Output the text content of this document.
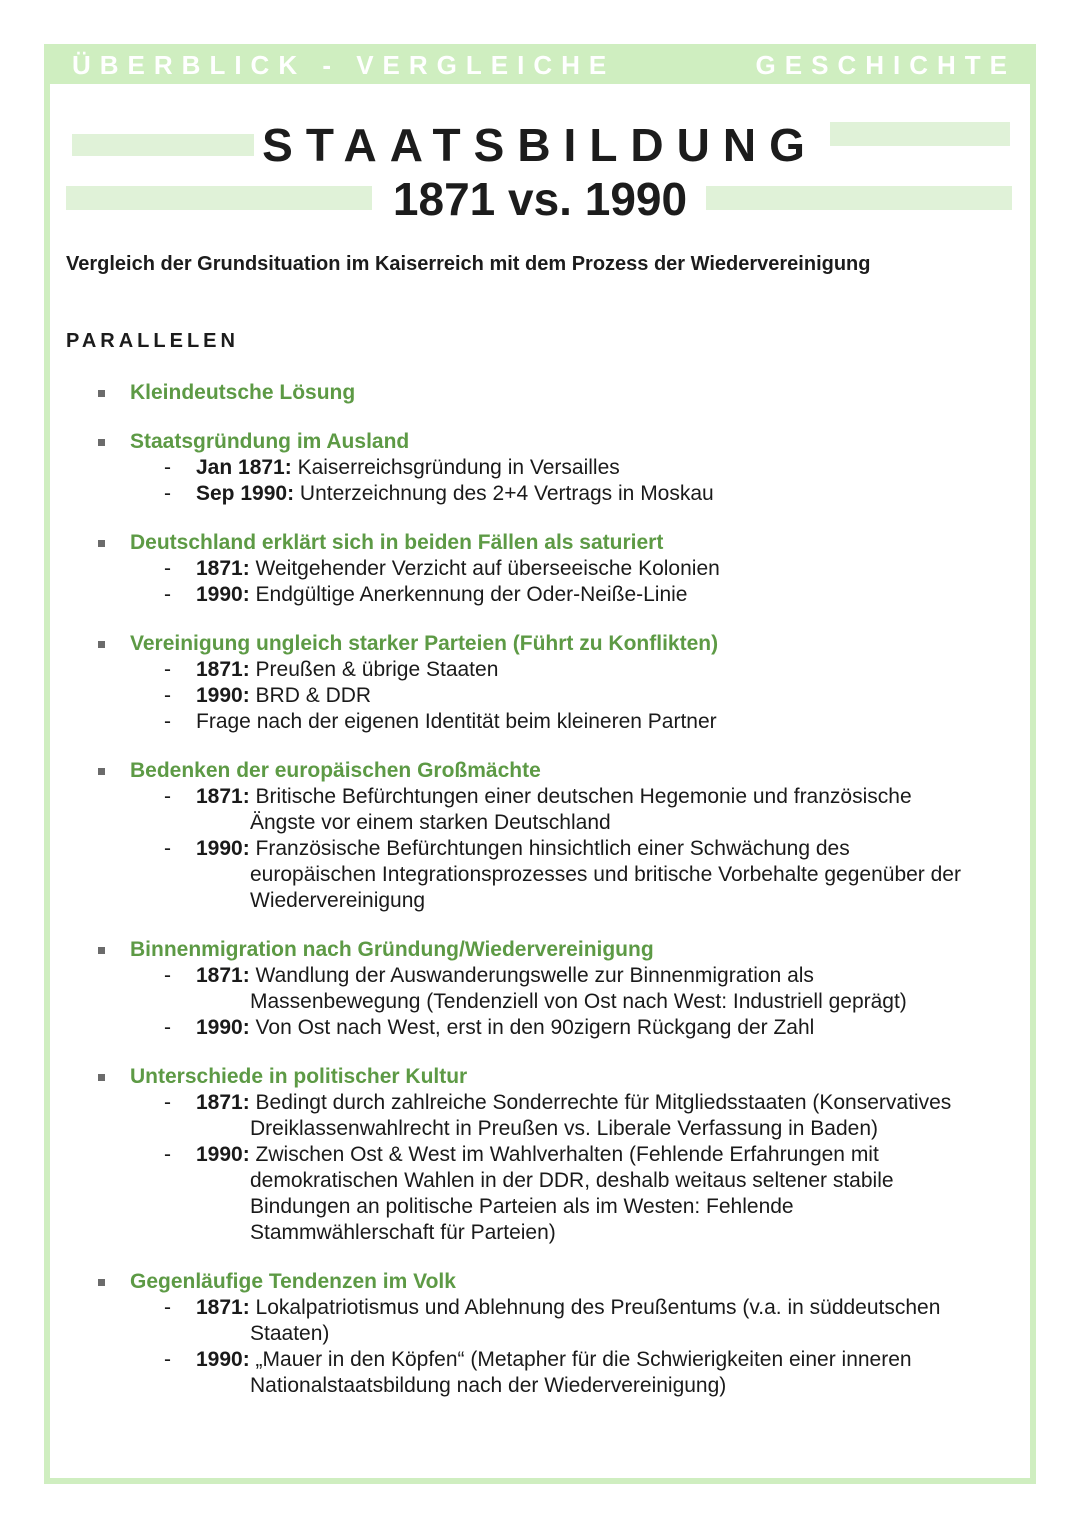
ÜBERBLICK - VERGLEICHE	GESCHICHTE
STAATSBILDUNG
1871 vs. 1990
Vergleich der Grundsituation im Kaiserreich mit dem Prozess der Wiedervereinigung
PARALLELEN
Kleindeutsche Lösung
Staatsgründung im Ausland
- Jan 1871: Kaiserreichsgründung in Versailles
- Sep 1990: Unterzeichnung des 2+4 Vertrags in Moskau
Deutschland erklärt sich in beiden Fällen als saturiert
- 1871: Weitgehender Verzicht auf überseeische Kolonien
- 1990: Endgültige Anerkennung der Oder-Neiße-Linie
Vereinigung ungleich starker Parteien (Führt zu Konflikten)
- 1871: Preußen & übrige Staaten
- 1990: BRD & DDR
- Frage nach der eigenen Identität beim kleineren Partner
Bedenken der europäischen Großmächte
- 1871: Britische Befürchtungen einer deutschen Hegemonie und französische
Ängste vor einem starken Deutschland
- 1990: Französische Befürchtungen hinsichtlich einer Schwächung des
europäischen Integrationsprozesses und britische Vorbehalte gegenüber der
Wiedervereinigung
Binnenmigration nach Gründung/Wiedervereinigung
- 1871: Wandlung der Auswanderungswelle zur Binnenmigration als
Massenbewegung (Tendenziell von Ost nach West: Industriell geprägt)
- 1990: Von Ost nach West, erst in den 90zigern Rückgang der Zahl
Unterschiede in politischer Kultur
- 1871: Bedingt durch zahlreiche Sonderrechte für Mitgliedsstaaten (Konservatives
Dreiklassenwahlrecht in Preußen vs. Liberale Verfassung in Baden)
- 1990: Zwischen Ost & West im Wahlverhalten (Fehlende Erfahrungen mit
demokratischen Wahlen in der DDR, deshalb weitaus seltener stabile
Bindungen an politische Parteien als im Westen: Fehlende
Stammwählerschaft für Parteien)
Gegenläufige Tendenzen im Volk
- 1871: Lokalpatriotismus und Ablehnung des Preußentums (v.a. in süddeutschen
Staaten)
- 1990: „Mauer in den Köpfen“ (Metapher für die Schwierigkeiten einer inneren
Nationalstaatsbildung nach der Wiedervereinigung)
